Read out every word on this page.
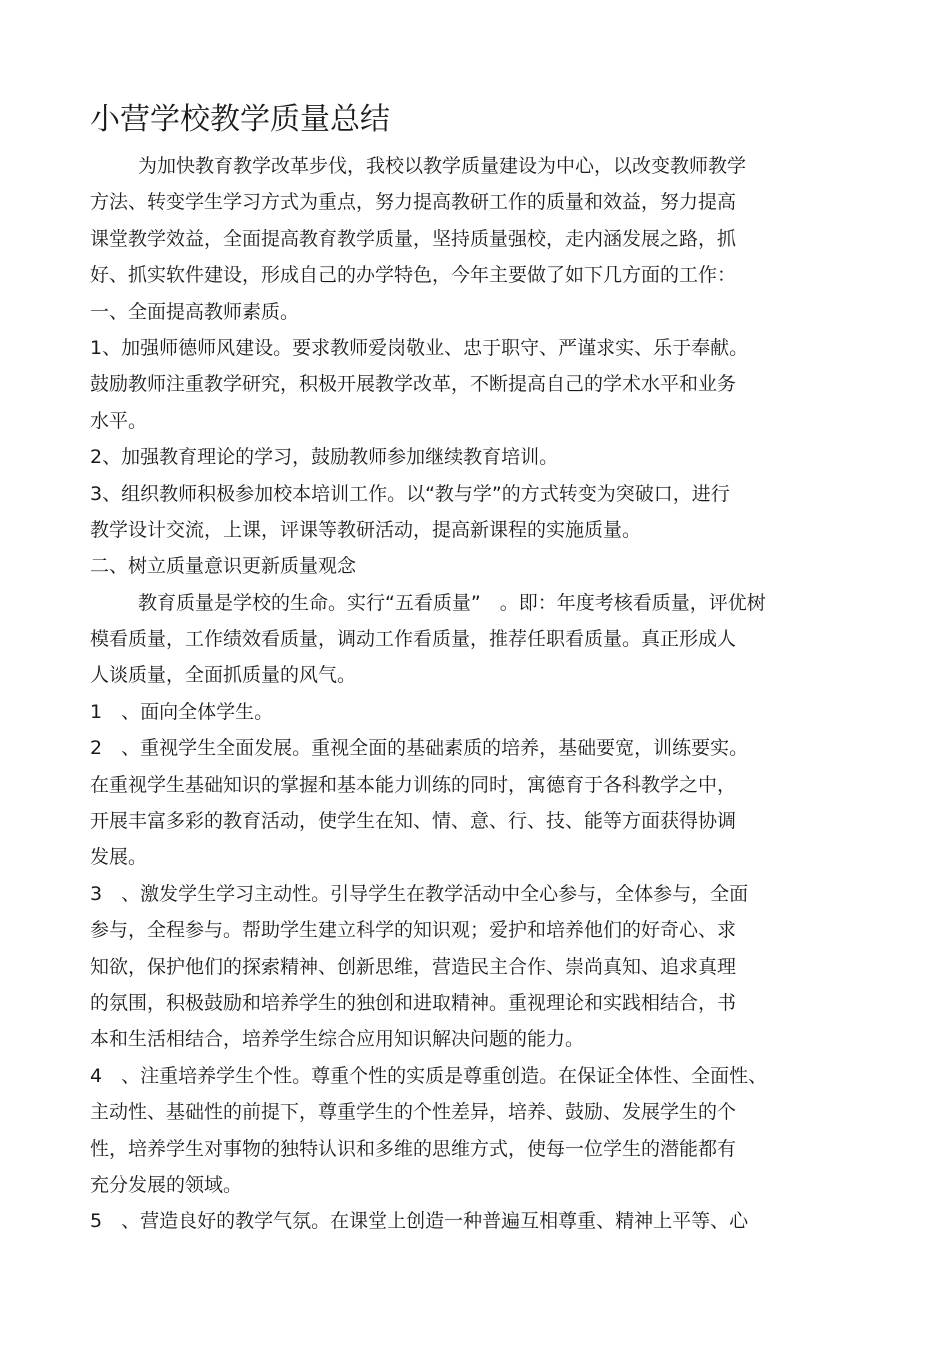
小营学校教学质量总结
为加快教育教学改革步伐，我校以教学质量建设为中心，以改变教师教学
方法、转变学生学习方式为重点，努力提高教研工作的质量和效益，努力提高
课堂教学效益，全面提高教育教学质量，坚持质量强校，走内涵发展之路，抓
好、抓实软件建设，形成自己的办学特色，今年主要做了如下几方面的工作：
一、全面提高教师素质。
1、加强师德师风建设。要求教师爱岗敬业、忠于职守、严谨求实、乐于奉献。
鼓励教师注重教学研究，积极开展教学改革，不断提高自己的学术水平和业务
水平。
2、加强教育理论的学习，鼓励教师参加继续教育培训。
3、组织教师积极参加校本培训工作。以“教与学”的方式转变为突破口，进行
教学设计交流，上课，评课等教研活动，提高新课程的实施质量。
二、树立质量意识更新质量观念
教育质量是学校的生命。实行“五看质量”　。即：年度考核看质量，评优树
模看质量，工作绩效看质量，调动工作看质量，推荐任职看质量。真正形成人
人谈质量，全面抓质量的风气。
1　、面向全体学生。
2　、重视学生全面发展。重视全面的基础素质的培养，基础要宽，训练要实。
在重视学生基础知识的掌握和基本能力训练的同时，寓德育于各科教学之中，
开展丰富多彩的教育活动，使学生在知、情、意、行、技、能等方面获得协调
发展。
3　、激发学生学习主动性。引导学生在教学活动中全心参与，全体参与，全面
参与，全程参与。帮助学生建立科学的知识观；爱护和培养他们的好奇心、求
知欲，保护他们的探索精神、创新思维，营造民主合作、崇尚真知、追求真理
的氛围，积极鼓励和培养学生的独创和进取精神。重视理论和实践相结合，书
本和生活相结合，培养学生综合应用知识解决问题的能力。
4　、注重培养学生个性。尊重个性的实质是尊重创造。在保证全体性、全面性、
主动性、基础性的前提下，尊重学生的个性差异，培养、鼓励、发展学生的个
性，培养学生对事物的独特认识和多维的思维方式，使每一位学生的潜能都有
充分发展的领域。
5　、营造良好的教学气氛。在课堂上创造一种普遍互相尊重、精神上平等、心
